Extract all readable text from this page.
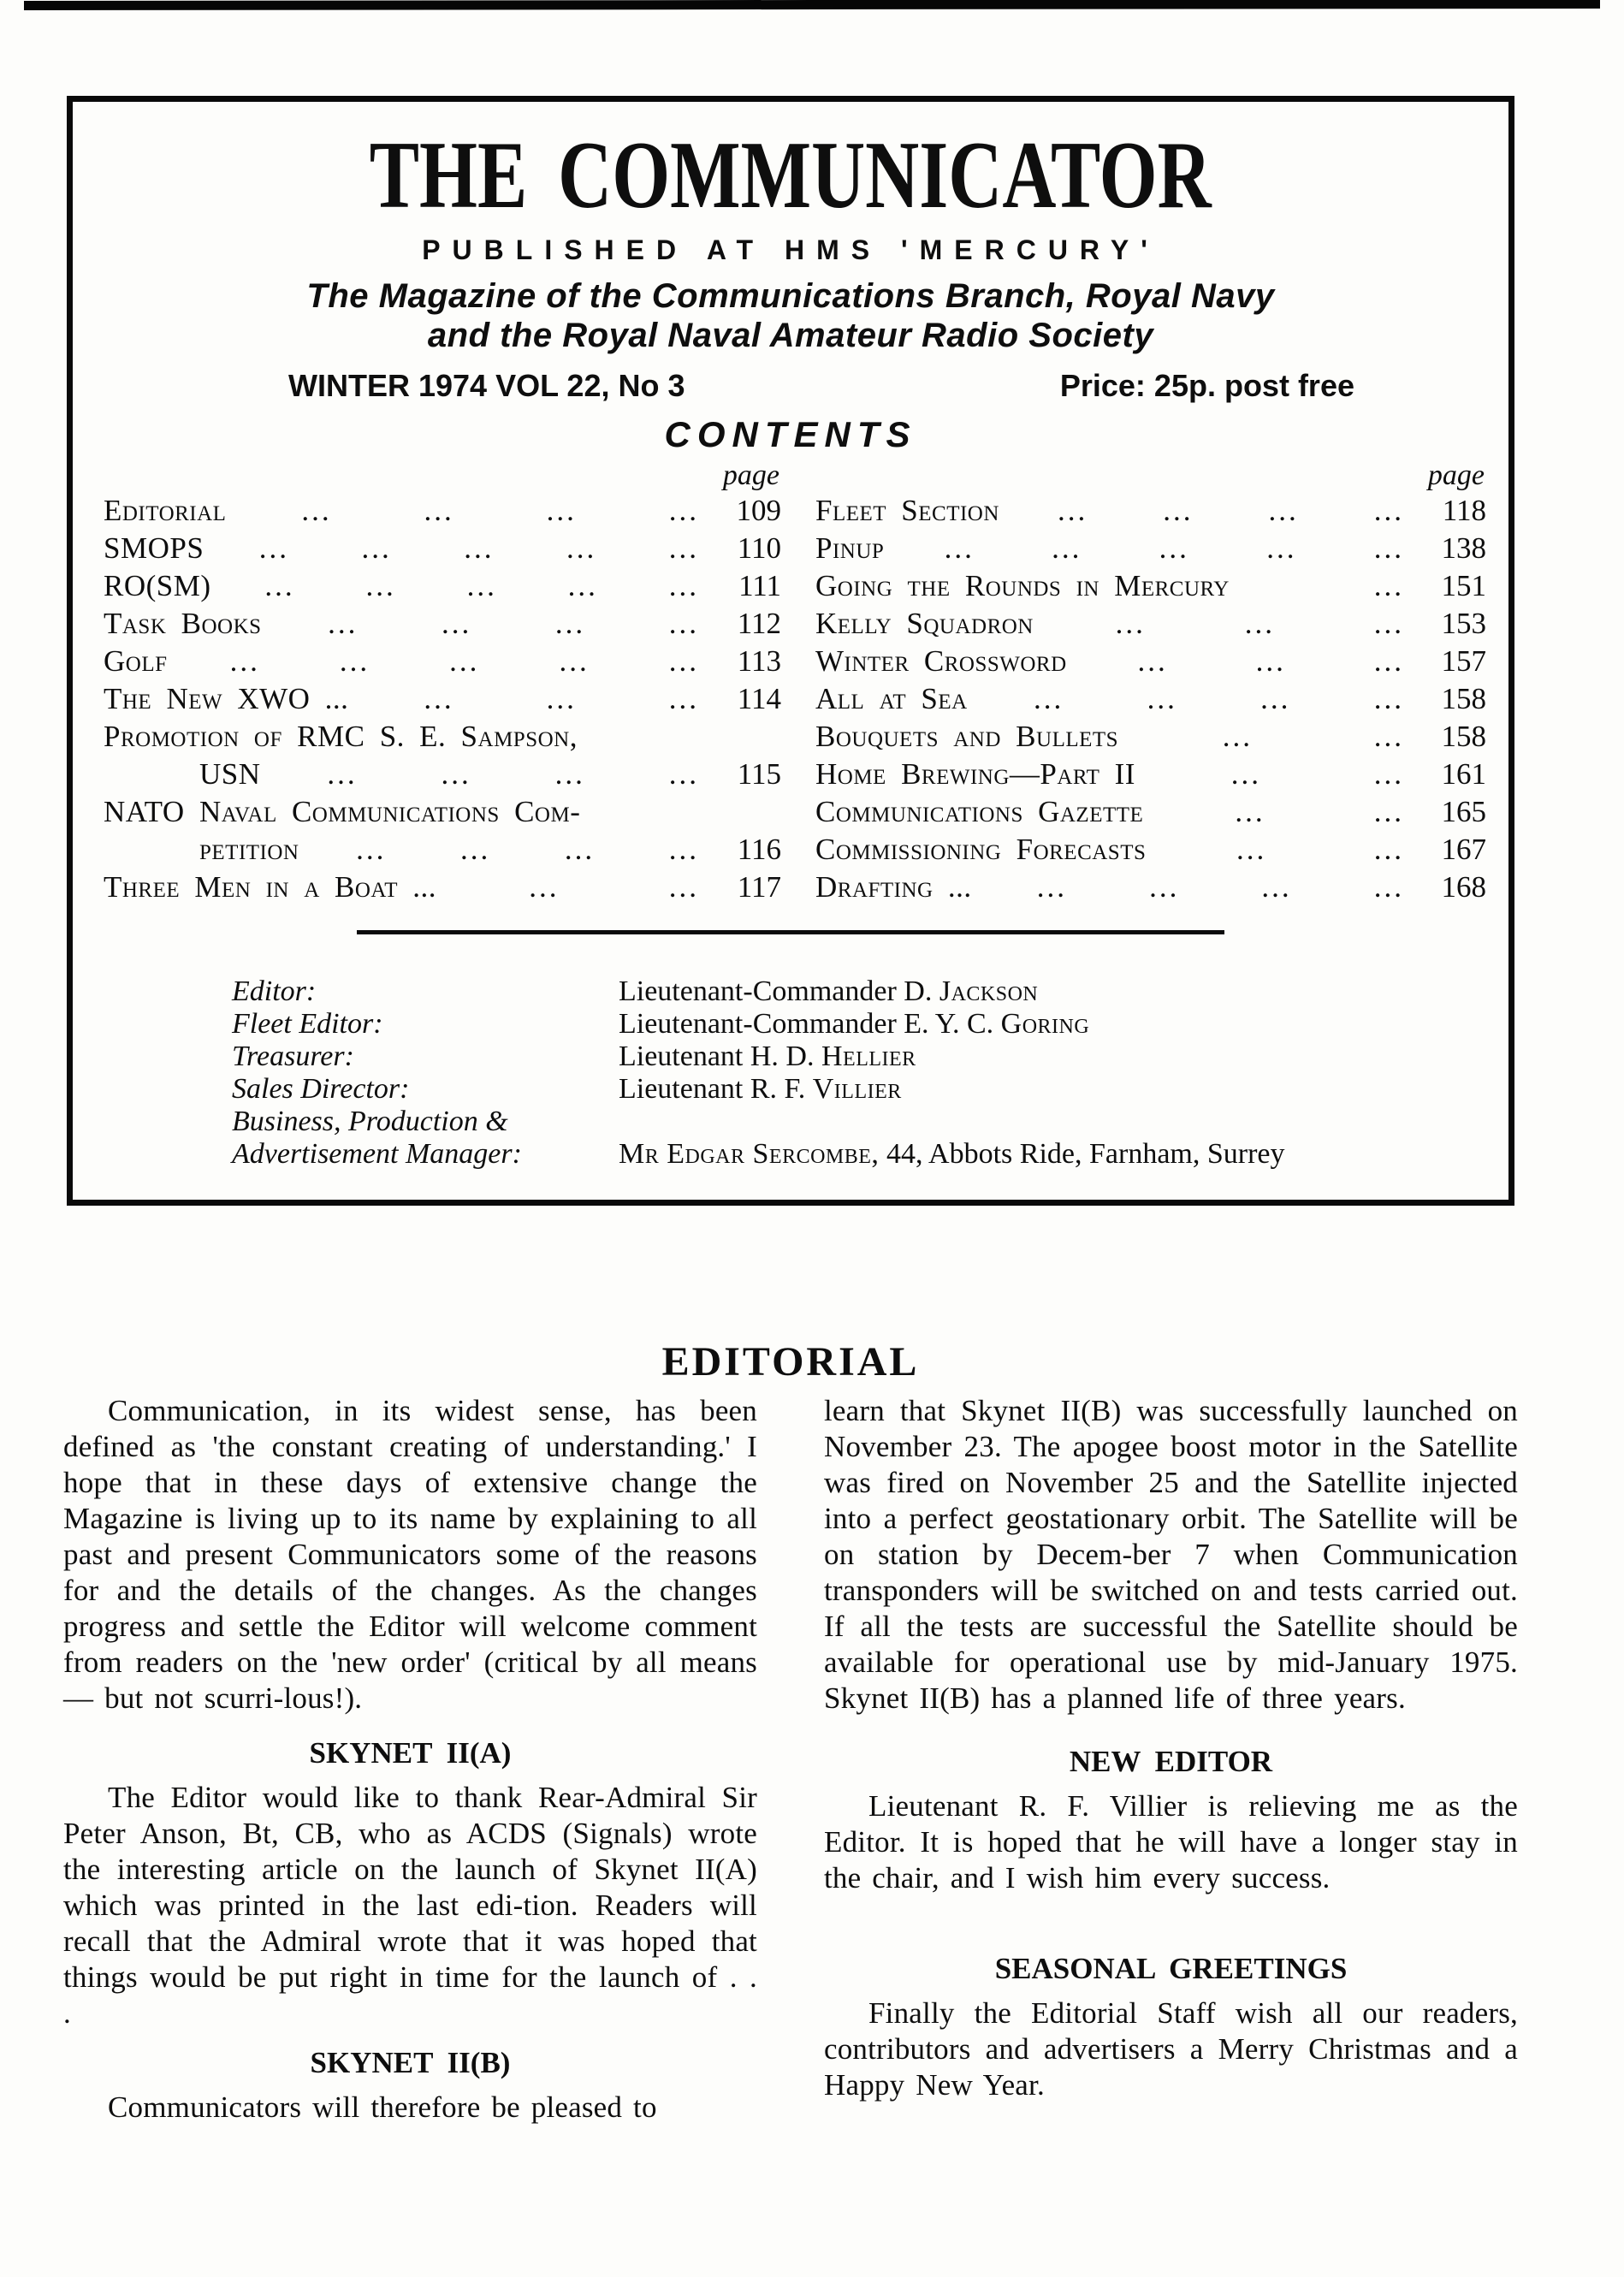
THE COMMUNICATOR
PUBLISHED AT HMS 'MERCURY'
The Magazine of the Communications Branch, Royal Navy
and the Royal Naval Amateur Radio Society
WINTER 1974 VOL 22, No 3	Price: 25p. post free
CONTENTS
page
Editorial	...	...	...	...	109
SMOPS	...	...	...	...	...	110
RO(SM)	...	...	...	...	...	111
Task Books	...	...	...	...	112
Golf	...	...	...	...	...	113
The New XWO ...	...	...	...	114
Promotion of RMC S. E. Sampson,
USN	...	...	...	...	115
NATO Naval Communications Com-
petition	...	...	...	...	116
Three Men in a Boat ...	...	...	117
page
Fleet Section	...	...	...	...	118
Pinup	...	...	...	...	...	138
Going the Rounds in Mercury	...	151
Kelly Squadron	...	...	...	153
Winter Crossword	...	...	...	157
All at Sea	...	...	...	...	158
Bouquets and Bullets	...	...	158
Home Brewing—Part II	...	...	161
Communications Gazette	...	...	165
Commissioning Forecasts	...	...	167
Drafting ...	...	...	...	...	168
Editor:	Lieutenant-Commander D. Jackson
Fleet Editor:	Lieutenant-Commander E. Y. C. Goring
Treasurer:	Lieutenant H. D. Hellier
Sales Director:	Lieutenant R. F. Villier
Business, Production &
Advertisement Manager:	Mr Edgar Sercombe, 44, Abbots Ride, Farnham, Surrey
EDITORIAL

Communication, in its widest sense, has been defined as 'the constant creating of understanding.' I hope that in these days of extensive change the Magazine is living up to its name by explaining to all past and present Communicators some of the reasons for and the details of the changes. As the changes progress and settle the Editor will welcome comment from readers on the 'new order' (critical by all means — but not scurri-lous!).

SKYNET II(A)

The Editor would like to thank Rear-Admiral Sir Peter Anson, Bt, CB, who as ACDS (Signals) wrote the interesting article on the launch of Skynet II(A) which was printed in the last edi-tion. Readers will recall that the Admiral wrote that it was hoped that things would be put right in time for the launch of . . .

SKYNET II(B)

Communicators will therefore be pleased to

learn that Skynet II(B) was successfully launched on November 23. The apogee boost motor in the Satellite was fired on November 25 and the Satellite injected into a perfect geostationary orbit. The Satellite will be on station by Decem-ber 7 when Communication transponders will be switched on and tests carried out. If all the tests are successful the Satellite should be available for operational use by mid-January 1975. Skynet II(B) has a planned life of three years.

NEW EDITOR

Lieutenant R. F. Villier is relieving me as the Editor. It is hoped that he will have a longer stay in the chair, and I wish him every success.

SEASONAL GREETINGS

Finally the Editorial Staff wish all our readers, contributors and advertisers a Merry Christmas and a Happy New Year.
